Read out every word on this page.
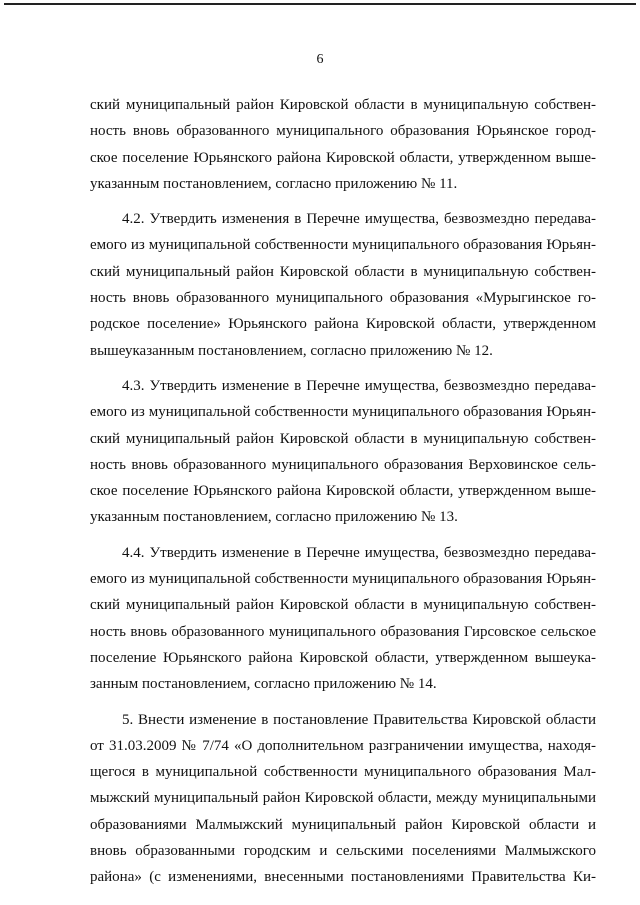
6
ский муниципальный район Кировской области в муниципальную собствен-
ность вновь образованного муниципального образования Юрьянское город-
ское поселение Юрьянского района Кировской области, утвержденном выше-
указанным постановлением, согласно приложению № 11.
4.2. Утвердить изменения в Перечне имущества, безвозмездно передава-
емого из муниципальной собственности муниципального образования Юрьян-
ский муниципальный район Кировской области в муниципальную собствен-
ность вновь образованного муниципального образования «Мурыгинское го-
родское поселение» Юрьянского района Кировской области, утвержденном
вышеуказанным постановлением, согласно приложению № 12.
4.3. Утвердить изменение в Перечне имущества, безвозмездно передава-
емого из муниципальной собственности муниципального образования Юрьян-
ский муниципальный район Кировской области в муниципальную собствен-
ность вновь образованного муниципального образования Верховинское сель-
ское поселение Юрьянского района Кировской области, утвержденном выше-
указанным постановлением, согласно приложению № 13.
4.4. Утвердить изменение в Перечне имущества, безвозмездно передава-
емого из муниципальной собственности муниципального образования Юрьян-
ский муниципальный район Кировской области в муниципальную собствен-
ность вновь образованного муниципального образования Гирсовское сельское
поселение Юрьянского района Кировской области, утвержденном вышеука-
занным постановлением, согласно приложению № 14.
5. Внести изменение в постановление Правительства Кировской области
от 31.03.2009 № 7/74 «О дополнительном разграничении имущества, находя-
щегося в муниципальной собственности муниципального образования Мал-
мыжский муниципальный район Кировской области, между муниципальными
образованиями Малмыжский муниципальный район Кировской области и
вновь образованными городским и сельскими поселениями Малмыжского
района» (с изменениями, внесенными постановлениями Правительства Ки-
